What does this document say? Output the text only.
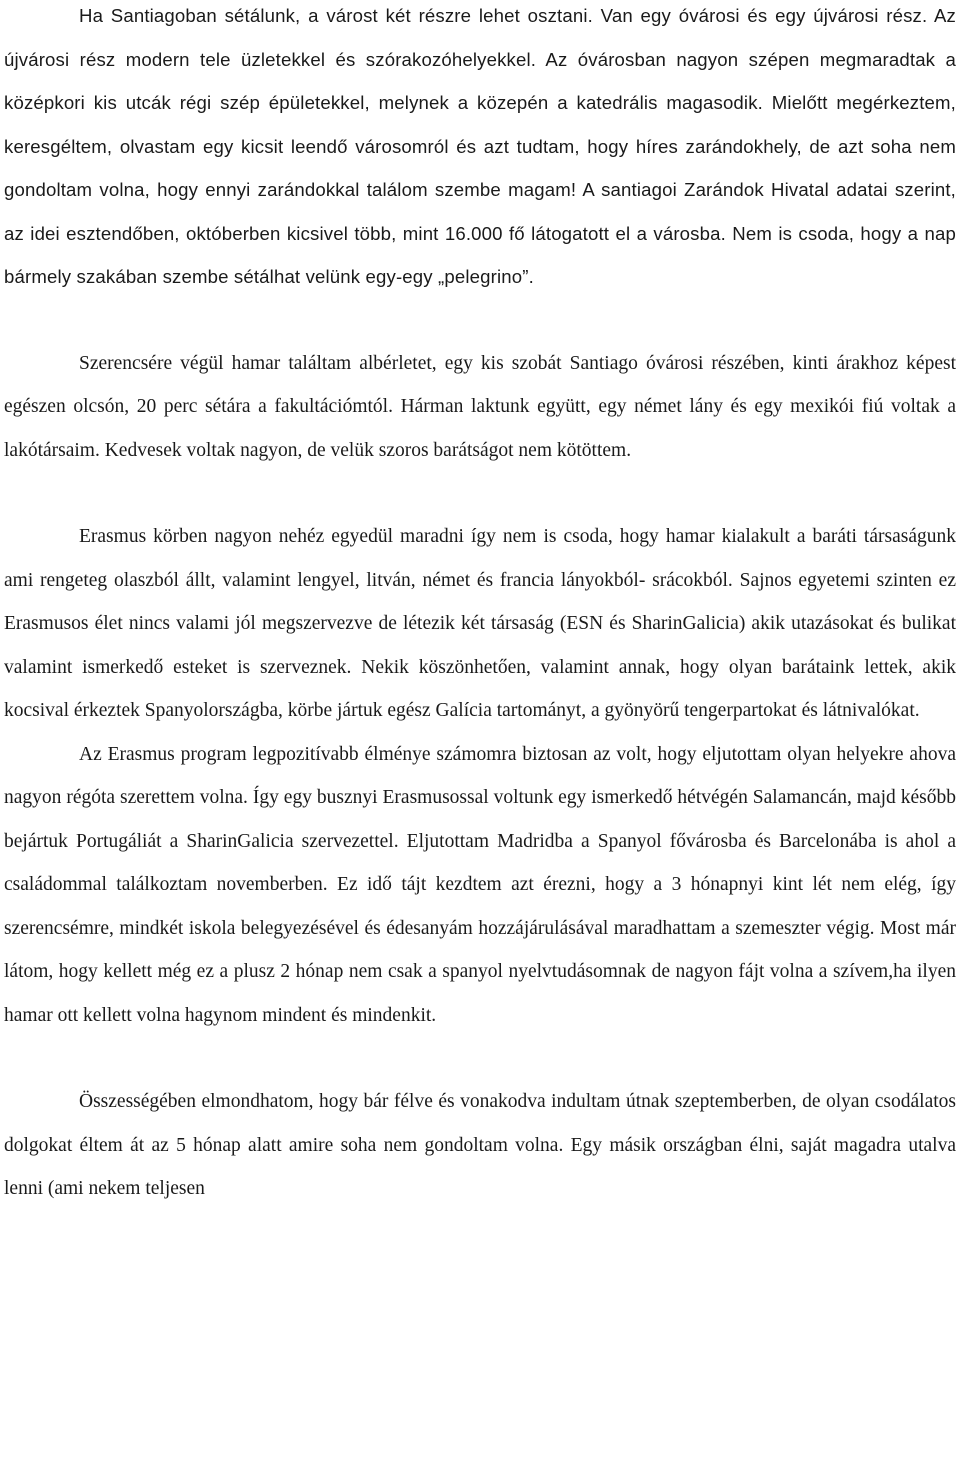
Ha Santiagoban sétálunk, a várost két részre lehet osztani. Van egy óvárosi és egy újvárosi rész. Az újvárosi rész modern tele üzletekkel és szórakozóhelyekkel. Az óvárosban nagyon szépen megmaradtak a középkori kis utcák régi szép épületekkel, melynek a közepén a katedrális magasodik. Mielőtt megérkeztem, keresgéltem, olvastam egy kicsit leendő városomról és azt tudtam, hogy híres zarándokhely, de azt soha nem gondoltam volna, hogy ennyi zarándokkal találom szembe magam! A santiagoi Zarándok Hivatal adatai szerint, az idei esztendőben, októberben kicsivel több, mint 16.000 fő látogatott el a városba. Nem is csoda, hogy a nap bármely szakában szembe sétálhat velünk egy-egy „pelegrino”.

Szerencsére végül hamar találtam albérletet, egy kis szobát Santiago óvárosi részében, kinti árakhoz képest egészen olcsón, 20 perc sétára a fakultációmtól. Hárman laktunk együtt, egy német lány és egy mexikói fiú voltak a lakótársaim. Kedvesek voltak nagyon, de velük szoros barátságot nem kötöttem.

Erasmus körben nagyon nehéz egyedül maradni így nem is csoda, hogy hamar kialakult a baráti társaságunk ami rengeteg olaszból állt, valamint lengyel, litván, német és francia lányokból- srácokból. Sajnos egyetemi szinten ez Erasmusos élet nincs valami jól megszervezve de létezik két társaság (ESN és SharinGalicia) akik utazásokat és bulikat valamint ismerkedő esteket is szerveznek. Nekik köszönhetően, valamint annak, hogy olyan barátaink lettek, akik kocsival érkeztek Spanyolországba, körbe jártuk egész Galícia tartományt, a gyönyörű tengerpartokat és látnivalókat.

Az Erasmus program legpozitívabb élménye számomra biztosan az volt, hogy eljutottam olyan helyekre ahova nagyon régóta szerettem volna. Így egy busznyi Erasmusossal voltunk egy ismerkedő hétvégén Salamancán, majd később bejártuk Portugáliát a SharinGalicia szervezettel. Eljutottam Madridba a Spanyol fővárosba és Barcelonába is ahol a családommal találkoztam novemberben. Ez idő tájt kezdtem azt érezni, hogy a 3 hónapnyi kint lét nem elég, így szerencsémre, mindkét iskola belegyezésével és édesanyám hozzájárulásával maradhattam a szemeszter végig. Most már látom, hogy kellett még ez a plusz 2 hónap nem csak a spanyol nyelvtudásomnak de nagyon fájt volna a szívem,ha ilyen hamar ott kellett volna hagynom mindent és mindenkit.

Összességében elmondhatom, hogy bár félve és vonakodva indultam útnak szeptemberben, de olyan csodálatos dolgokat éltem át az 5 hónap alatt amire soha nem gondoltam volna. Egy másik országban élni, saját magadra utalva lenni (ami nekem teljesen
